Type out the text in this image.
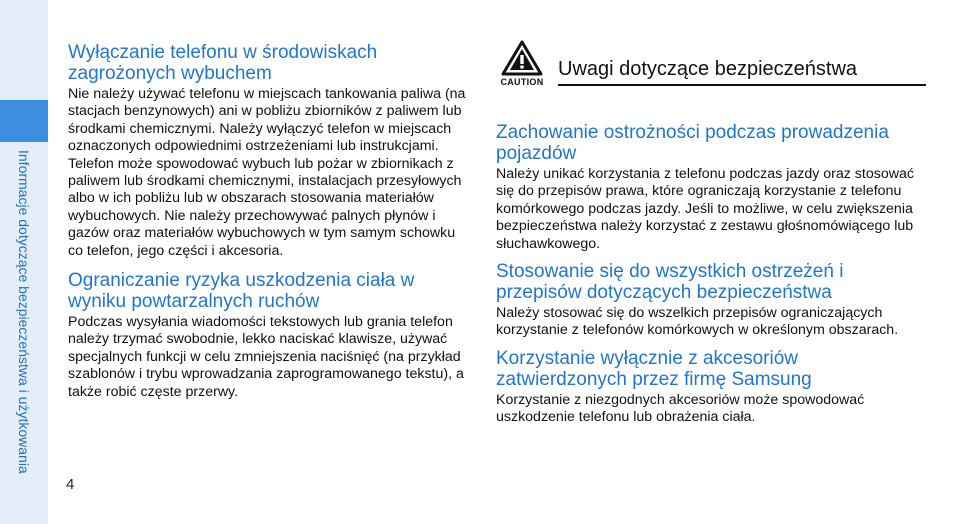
Informacje dotyczące bezpieczeństwa i użytkowania
Wyłączanie telefonu w środowiskach zagrożonych wybuchem

Nie należy używać telefonu w miejscach tankowania paliwa (na stacjach benzynowych) ani w pobliżu zbiorników z paliwem lub środkami chemicznymi. Należy wyłączyć telefon w miejscach oznaczonych odpowiednimi ostrzeżeniami lub instrukcjami. Telefon może spowodować wybuch lub pożar w zbiornikach z paliwem lub środkami chemicznymi, instalacjach przesyłowych albo w ich pobliżu lub w obszarach stosowania materiałów wybuchowych. Nie należy przechowywać palnych płynów i gazów oraz materiałów wybuchowych w tym samym schowku co telefon, jego części i akcesoria.

Ograniczanie ryzyka uszkodzenia ciała w wyniku powtarzalnych ruchów

Podczas wysyłania wiadomości tekstowych lub grania telefon należy trzymać swobodnie, lekko naciskać klawisze, używać specjalnych funkcji w celu zmniejszenia naciśnięć (na przykład szablonów i trybu wprowadzania zaprogramowanego tekstu), a także robić częste przerwy.

CAUTION
Uwagi dotyczące bezpieczeństwa
Zachowanie ostrożności podczas prowadzenia pojazdów

Należy unikać korzystania z telefonu podczas jazdy oraz stosować się do przepisów prawa, które ograniczają korzystanie z telefonu komórkowego podczas jazdy. Jeśli to możliwe, w celu zwiększenia bezpieczeństwa należy korzystać z zestawu głośnomówiącego lub słuchawkowego.

Stosowanie się do wszystkich ostrzeżeń i przepisów dotyczących bezpieczeństwa

Należy stosować się do wszelkich przepisów ograniczających korzystanie z telefonów komórkowych w określonym obszarach.

Korzystanie wyłącznie z akcesoriów zatwierdzonych przez firmę Samsung

Korzystanie z niezgodnych akcesoriów może spowodować uszkodzenie telefonu lub obrażenia ciała.

4
